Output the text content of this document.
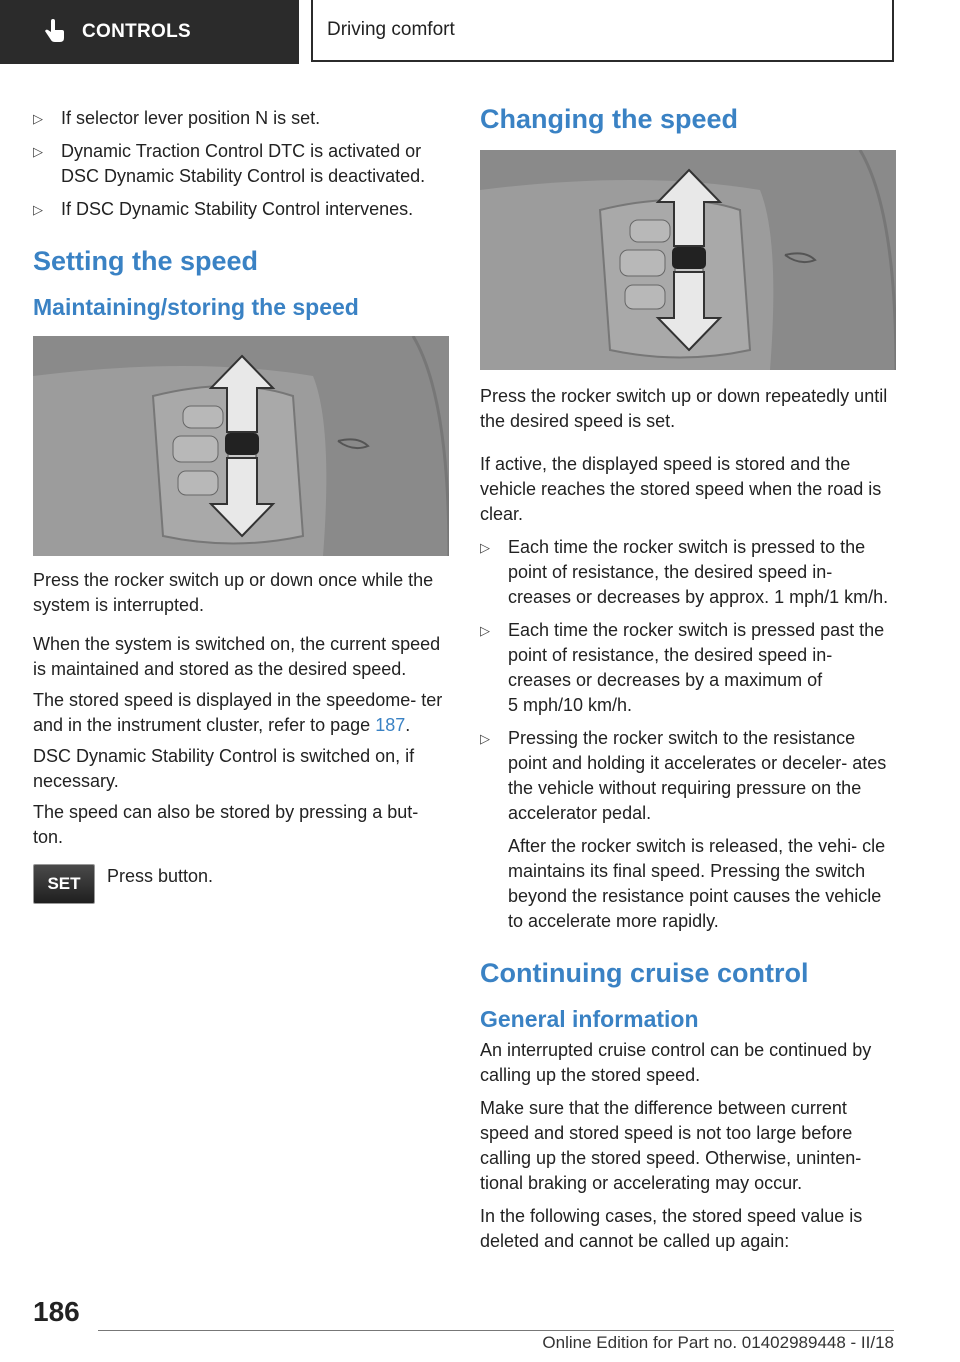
CONTROLS	Driving comfort
▷ If selector lever position N is set.
▷ Dynamic Traction Control DTC is activated or DSC Dynamic Stability Control is deactivated.
▷ If DSC Dynamic Stability Control intervenes.
Setting the speed
Maintaining/storing the speed

Press the rocker switch up or down once while the system is interrupted.

When the system is switched on, the current speed is maintained and stored as the desired speed.

The stored speed is displayed in the speedome‐ ter and in the instrument cluster, refer to page 187.

DSC Dynamic Stability Control is switched on, if necessary.

The speed can also be stored by pressing a but‐ ton.

SET	Press button.

Changing the speed

Press the rocker switch up or down repeatedly until the desired speed is set.

If active, the displayed speed is stored and the vehicle reaches the stored speed when the road is clear.

▷ Each time the rocker switch is pressed to the point of resistance, the desired speed in‐ creases or decreases by approx. 1 mph/1 km/h.
▷ Each time the rocker switch is pressed past the point of resistance, the desired speed in‐ creases or decreases by a maximum of 5 mph/10 km/h.
▷ Pressing the rocker switch to the resistance point and holding it accelerates or deceler‐ ates the vehicle without requiring pressure on the accelerator pedal.
After the rocker switch is released, the vehi‐ cle maintains its final speed. Pressing the switch beyond the resistance point causes the vehicle to accelerate more rapidly.
Continuing cruise control
General information

An interrupted cruise control can be continued by calling up the stored speed.

Make sure that the difference between current speed and stored speed is not too large before calling up the stored speed. Otherwise, uninten‐ tional braking or accelerating may occur.

In the following cases, the stored speed value is deleted and cannot be called up again:

186
Online Edition for Part no. 01402989448 - II/18
